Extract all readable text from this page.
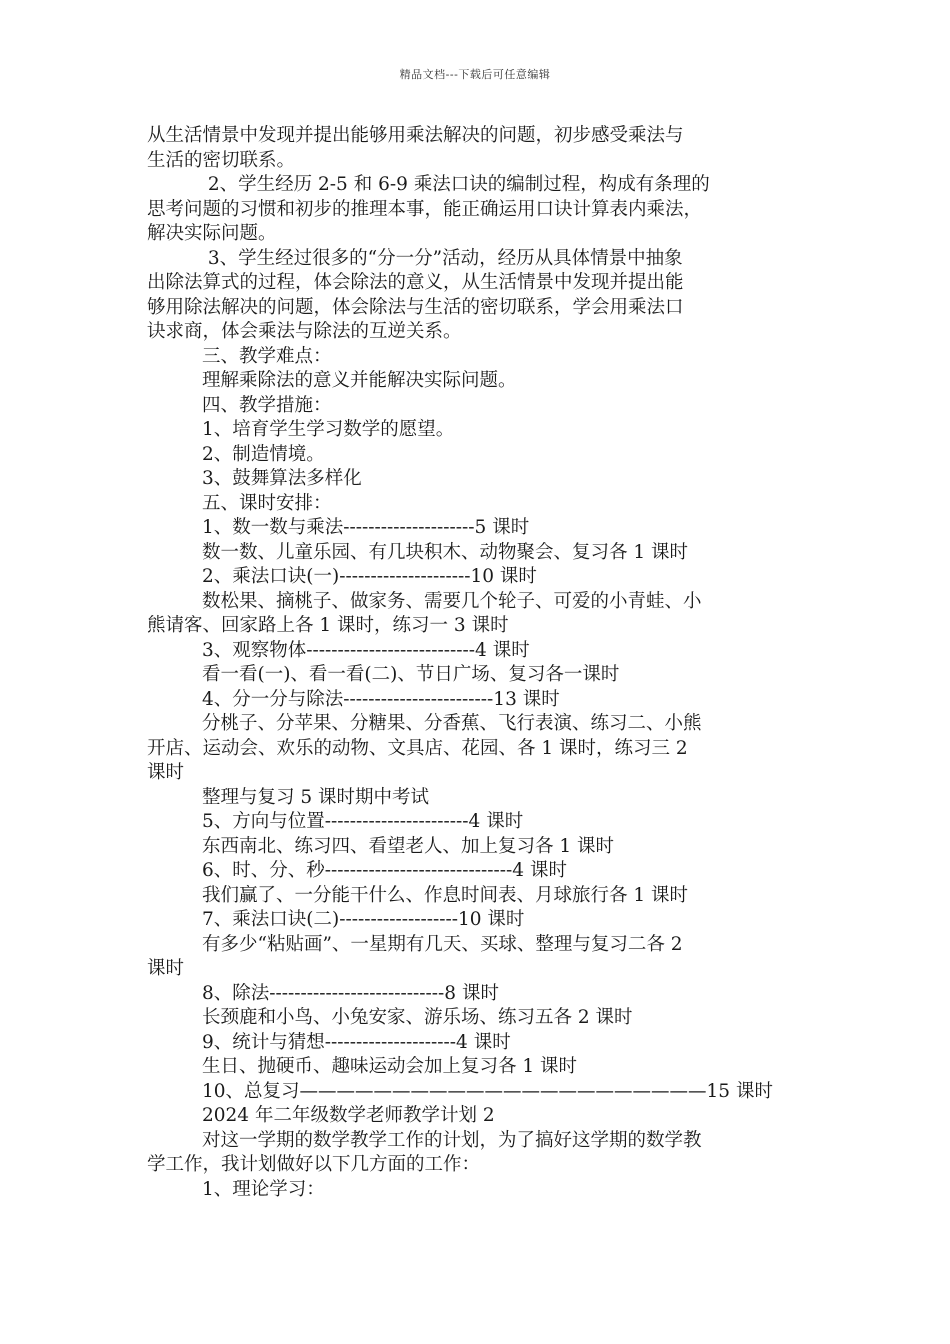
精品文档---下载后可任意编辑
从生活情景中发现并提出能够用乘法解决的问题，初步感受乘法与
生活的密切联系。
2、学生经历 2-5 和 6-9 乘法口诀的编制过程，构成有条理的
思考问题的习惯和初步的推理本事，能正确运用口诀计算表内乘法，
解决实际问题。
3、学生经过很多的“分一分”活动，经历从具体情景中抽象
出除法算式的过程，体会除法的意义，从生活情景中发现并提出能
够用除法解决的问题，体会除法与生活的密切联系，学会用乘法口
诀求商，体会乘法与除法的互逆关系。
三、教学难点：
理解乘除法的意义并能解决实际问题。
四、教学措施：
1、培育学生学习数学的愿望。
2、制造情境。
3、鼓舞算法多样化
五、课时安排：
1、数一数与乘法---------------------5 课时
数一数、儿童乐园、有几块积木、动物聚会、复习各 1 课时
2、乘法口诀(一)---------------------10 课时
数松果、摘桃子、做家务、需要几个轮子、可爱的小青蛙、小
熊请客、回家路上各 1 课时，练习一 3 课时
3、观察物体---------------------------4 课时
看一看(一)、看一看(二)、节日广场、复习各一课时
4、分一分与除法------------------------13 课时
分桃子、分苹果、分糖果、分香蕉、飞行表演、练习二、小熊
开店、运动会、欢乐的动物、文具店、花园、各 1 课时，练习三 2
课时
整理与复习 5 课时期中考试
5、方向与位置-----------------------4 课时
东西南北、练习四、看望老人、加上复习各 1 课时
6、时、分、秒------------------------------4 课时
我们赢了、一分能干什么、作息时间表、月球旅行各 1 课时
7、乘法口诀(二)-------------------10 课时
有多少“粘贴画”、一星期有几天、买球、整理与复习二各 2
课时
8、除法----------------------------8 课时
长颈鹿和小鸟、小兔安家、游乐场、练习五各 2 课时
9、统计与猜想---------------------4 课时
生日、抛硬币、趣味运动会加上复习各 1 课时
10、总复习——————————————————————15 课时
2024 年二年级数学老师教学计划 2
对这一学期的数学教学工作的计划，为了搞好这学期的数学教
学工作，我计划做好以下几方面的工作：
1、理论学习：
